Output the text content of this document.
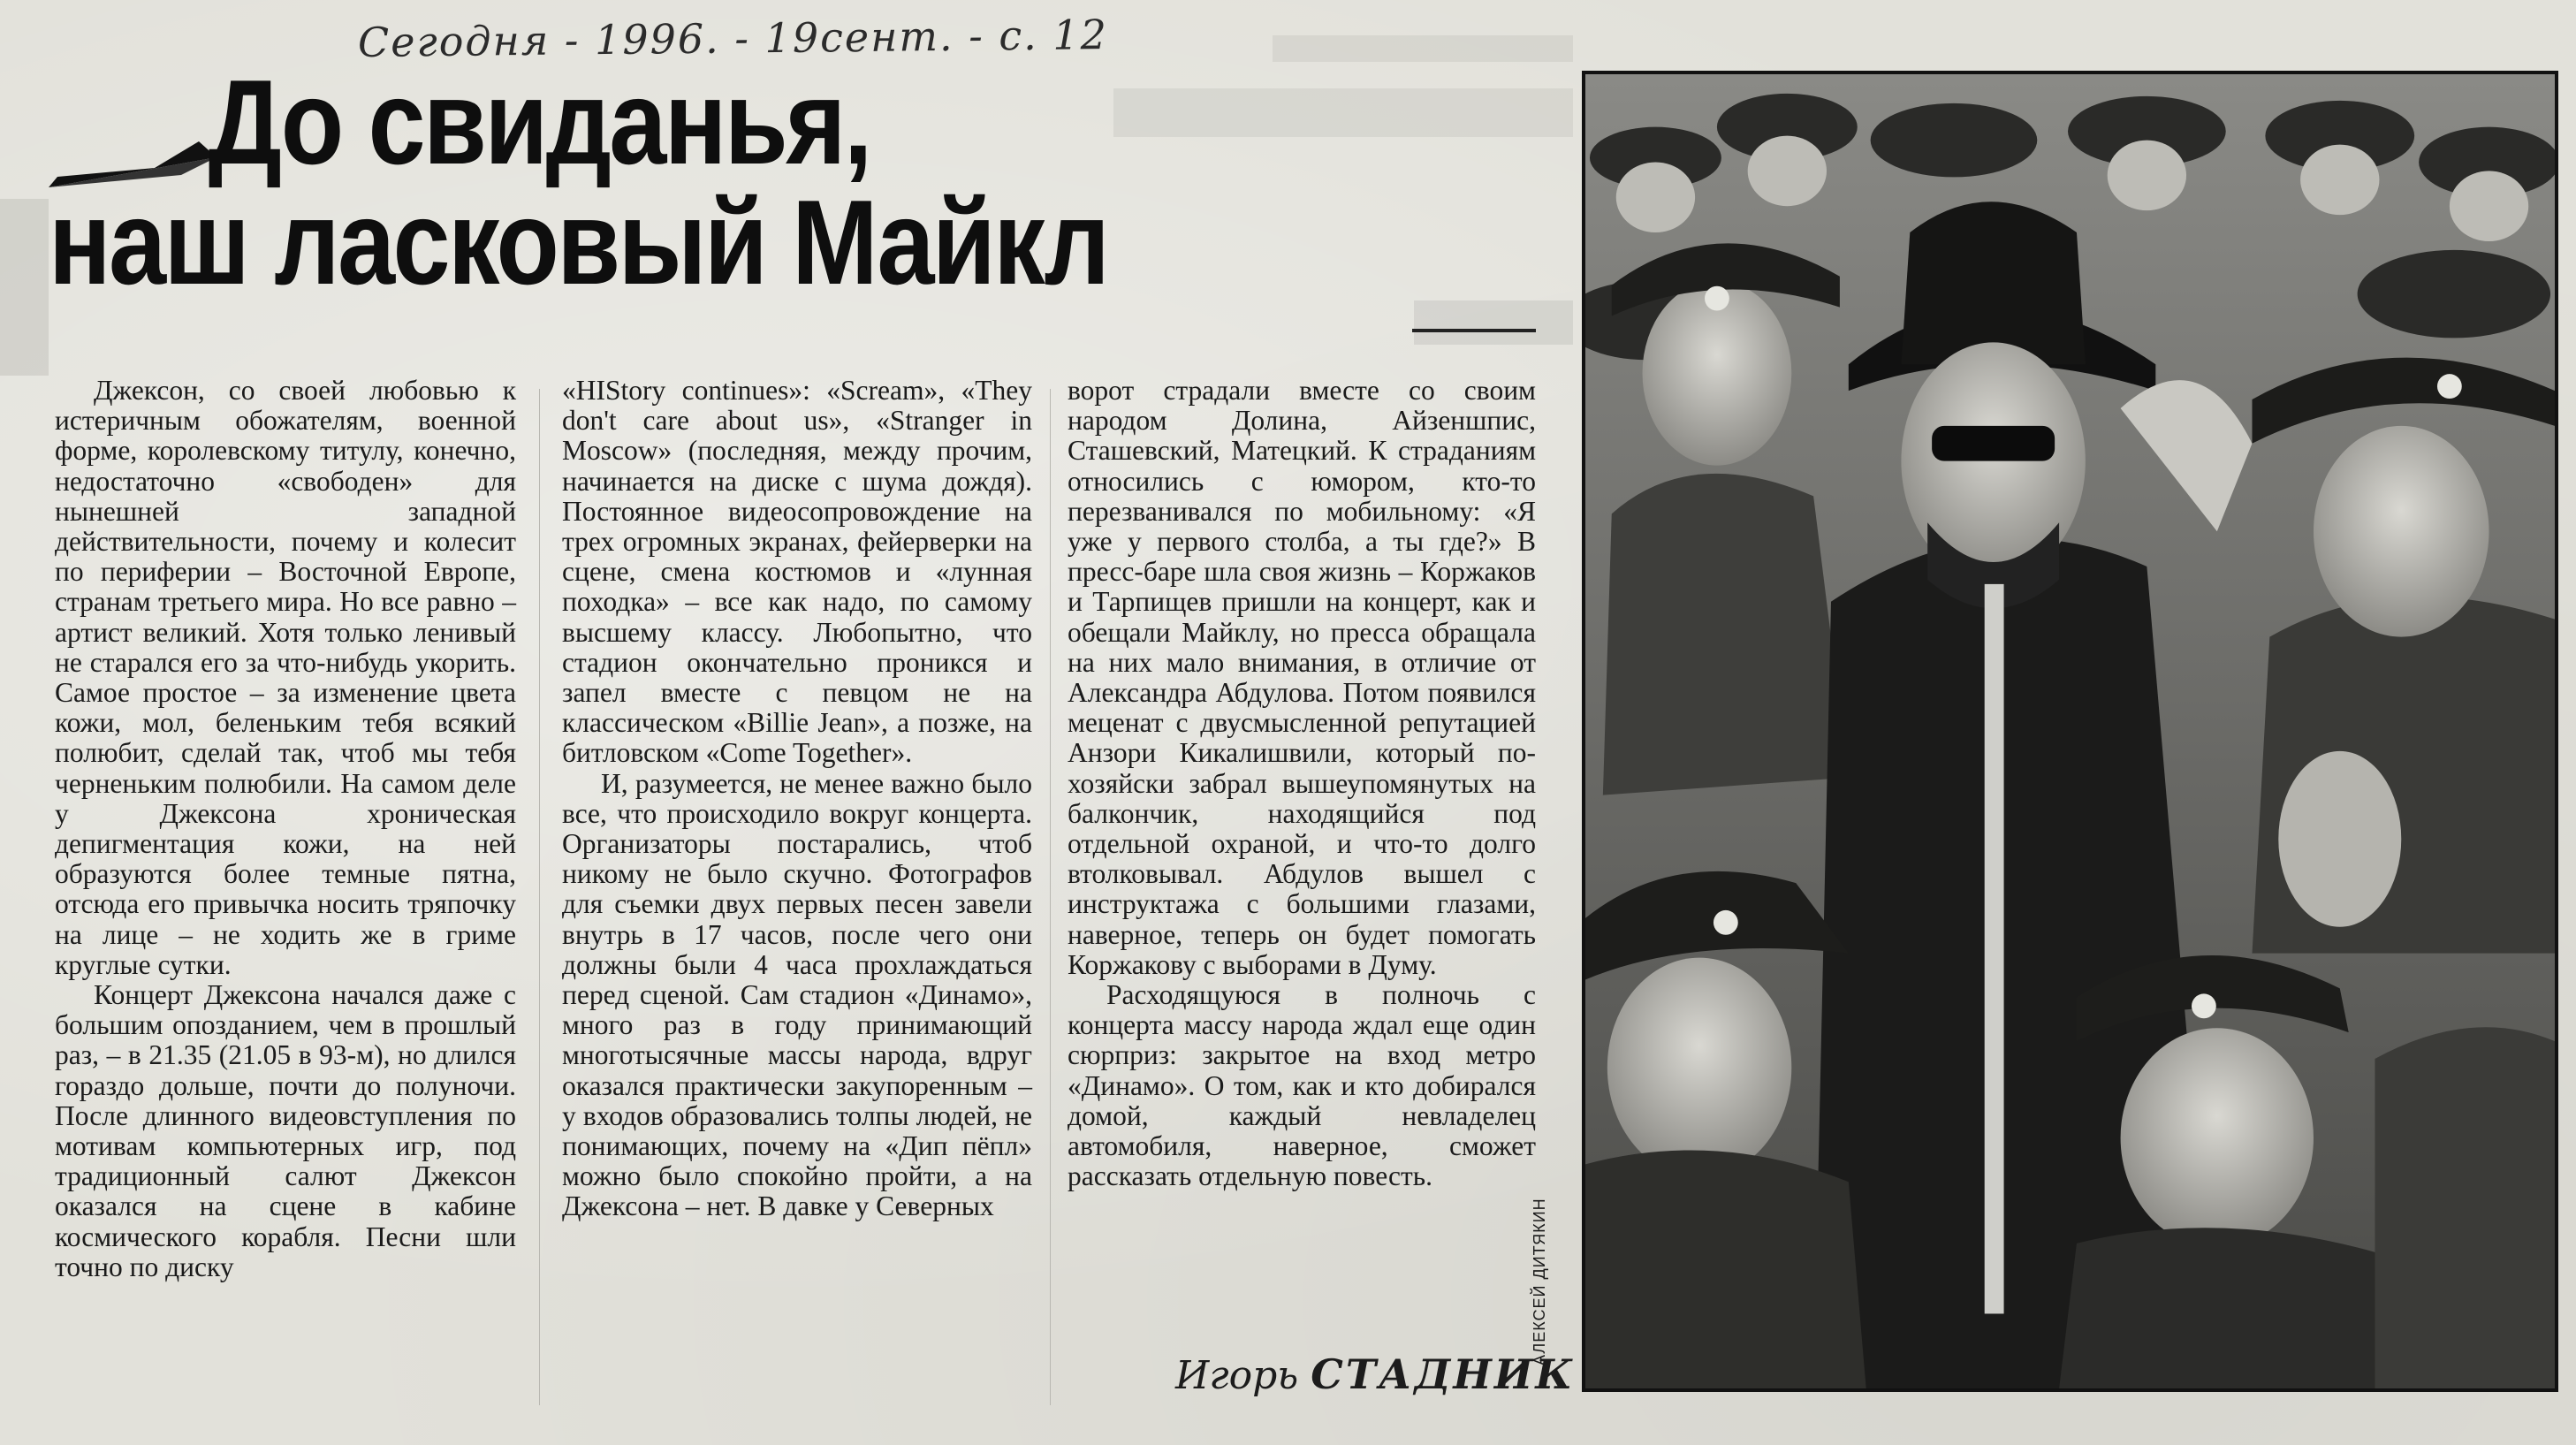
Сегодня - 1996. - 19сент. - с. 12
До свиданья,
наш ласковый Майкл

Джексон, со своей любовью к истеричным обожателям, военной форме, королевскому титулу, конечно, недостаточно «свободен» для нынешней западной действительности, почему и колесит по периферии – Восточной Европе, странам третьего мира. Но все равно – артист великий. Хотя только ленивый не старался его за что-нибудь укорить. Самое простое – за изменение цвета кожи, мол, беленьким тебя всякий полюбит, сделай так, чтоб мы тебя черненьким полюбили. На самом деле у Джексона хроническая депигментация кожи, на ней образуются более темные пятна, отсюда его привычка носить тряпочку на лице – не ходить же в гриме круглые сутки.

Концерт Джексона начался даже с большим опозданием, чем в прошлый раз, – в 21.35 (21.05 в 93-м), но длился гораздо дольше, почти до полуночи. После длинного видеовступления по мотивам компьютерных игр, под традиционный салют Джексон оказался на сцене в кабине космического корабля. Песни шли точно по диску

«HIStory continues»: «Scream», «They don't care about us», «Stranger in Moscow» (последняя, между прочим, начинается на диске с шума дождя). Постоянное видеосопровождение на трех огромных экранах, фейерверки на сцене, смена костюмов и «лунная походка» – все как надо, по самому высшему классу. Любопытно, что стадион окончательно проникся и запел вместе с певцом не на классическом «Billie Jean», а позже, на битловском «Come Together».

И, разумеется, не менее важно было все, что происходило вокруг концерта. Организаторы постарались, чтоб никому не было скучно. Фотографов для съемки двух первых песен завели внутрь в 17 часов, после чего они должны были 4 часа прохлаждаться перед сценой. Сам стадион «Динамо», много раз в году принимающий многотысячные массы народа, вдруг оказался практически закупоренным – у входов образовались толпы людей, не понимающих, почему на «Дип пёпл» можно было спокойно пройти, а на Джексона – нет. В давке у Северных

ворот страдали вместе со своим народом Долина, Айзеншпис, Сташевский, Матецкий. К страданиям относились с юмором, кто-то перезванивался по мобильному: «Я уже у первого столба, а ты где?» В пресс-баре шла своя жизнь – Коржаков и Тарпищев пришли на концерт, как и обещали Майклу, но пресса обращала на них мало внимания, в отличие от Александра Абдулова. Потом появился меценат с двусмысленной репутацией Анзори Кикалишвили, который по-хозяйски забрал вышеупомянутых на балкончик, находящийся под отдельной охраной, и что-то долго втолковывал. Абдулов вышел с инструктажа с большими глазами, наверное, теперь он будет помогать Коржакову с выборами в Думу.

Расходящуюся в полночь с концерта массу народа ждал еще один сюрприз: закрытое на вход метро «Динамо». О том, как и кто добирался домой, каждый невладелец автомобиля, наверное, сможет рассказать отдельную повесть.

Игорь СТАДНИК
АЛЕКСЕЙ ДИТЯКИН
